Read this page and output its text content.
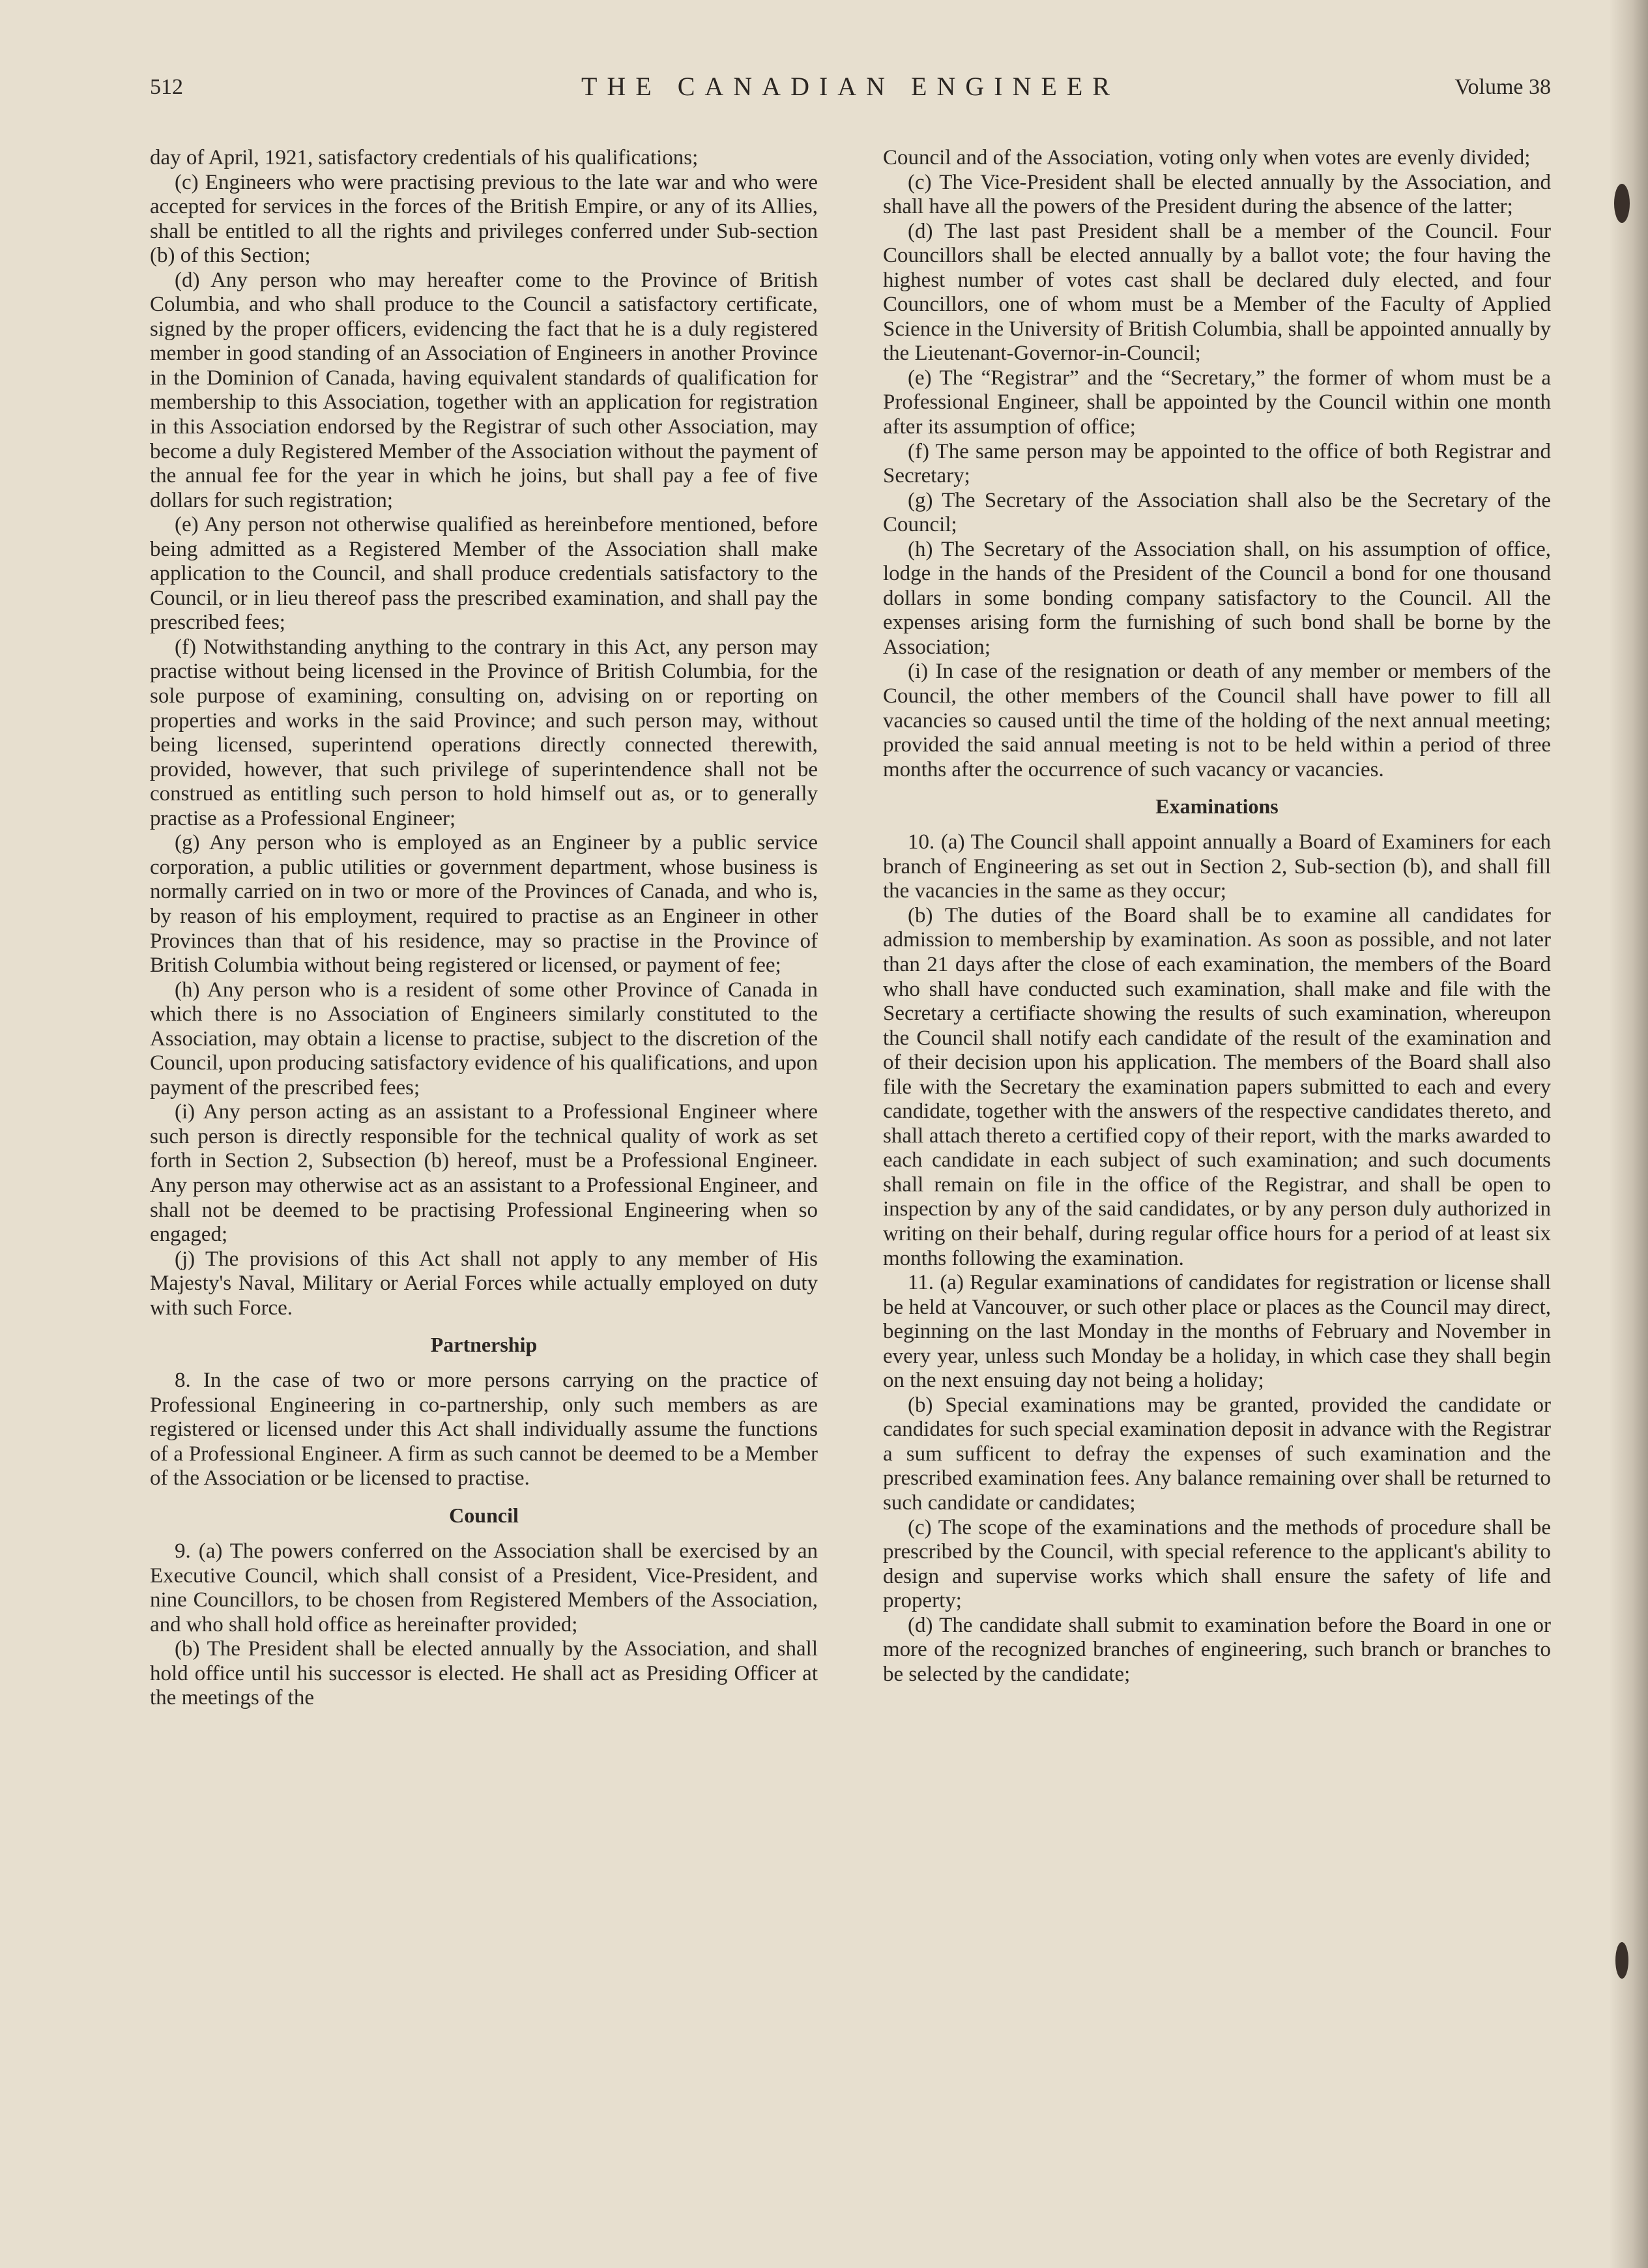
512	THE CANADIAN ENGINEER	Volume 38

day of April, 1921, satisfactory credentials of his qualifications;

(c) Engineers who were practising previous to the late war and who were accepted for services in the forces of the British Empire, or any of its Allies, shall be entitled to all the rights and privileges conferred under Sub-section (b) of this Section;

(d) Any person who may hereafter come to the Province of British Columbia, and who shall produce to the Council a satisfactory certificate, signed by the proper officers, evidencing the fact that he is a duly registered member in good standing of an Association of Engineers in another Province in the Dominion of Canada, having equivalent standards of qualification for membership to this Association, together with an application for registration in this Association endorsed by the Registrar of such other Association, may become a duly Registered Member of the Association without the payment of the annual fee for the year in which he joins, but shall pay a fee of five dollars for such registration;

(e) Any person not otherwise qualified as hereinbefore mentioned, before being admitted as a Registered Member of the Association shall make application to the Council, and shall produce credentials satisfactory to the Council, or in lieu thereof pass the prescribed examination, and shall pay the prescribed fees;

(f) Notwithstanding anything to the contrary in this Act, any person may practise without being licensed in the Province of British Columbia, for the sole purpose of examining, consulting on, advising on or reporting on properties and works in the said Province; and such person may, without being licensed, superintend operations directly connected therewith, provided, however, that such privilege of superintendence shall not be construed as entitling such person to hold himself out as, or to generally practise as a Professional Engineer;

(g) Any person who is employed as an Engineer by a public service corporation, a public utilities or government department, whose business is normally carried on in two or more of the Provinces of Canada, and who is, by reason of his employment, required to practise as an Engineer in other Provinces than that of his residence, may so practise in the Province of British Columbia without being registered or licensed, or payment of fee;

(h) Any person who is a resident of some other Province of Canada in which there is no Association of Engineers similarly constituted to the Association, may obtain a license to practise, subject to the discretion of the Council, upon producing satisfactory evidence of his qualifications, and upon payment of the prescribed fees;

(i) Any person acting as an assistant to a Professional Engineer where such person is directly responsible for the technical quality of work as set forth in Section 2, Subsection (b) hereof, must be a Professional Engineer. Any person may otherwise act as an assistant to a Professional Engineer, and shall not be deemed to be practising Professional Engineering when so engaged;

(j) The provisions of this Act shall not apply to any member of His Majesty's Naval, Military or Aerial Forces while actually employed on duty with such Force.

Partnership

8. In the case of two or more persons carrying on the practice of Professional Engineering in co-partnership, only such members as are registered or licensed under this Act shall individually assume the functions of a Professional Engineer. A firm as such cannot be deemed to be a Member of the Association or be licensed to practise.

Council

9. (a) The powers conferred on the Association shall be exercised by an Executive Council, which shall consist of a President, Vice-President, and nine Councillors, to be chosen from Registered Members of the Association, and who shall hold office as hereinafter provided;

(b) The President shall be elected annually by the Association, and shall hold office until his successor is elected. He shall act as Presiding Officer at the meetings of the

Council and of the Association, voting only when votes are evenly divided;

(c) The Vice-President shall be elected annually by the Association, and shall have all the powers of the President during the absence of the latter;

(d) The last past President shall be a member of the Council. Four Councillors shall be elected annually by a ballot vote; the four having the highest number of votes cast shall be declared duly elected, and four Councillors, one of whom must be a Member of the Faculty of Applied Science in the University of British Columbia, shall be appointed annually by the Lieutenant-Governor-in-Council;

(e) The “Registrar” and the “Secretary,” the former of whom must be a Professional Engineer, shall be appointed by the Council within one month after its assumption of office;

(f) The same person may be appointed to the office of both Registrar and Secretary;

(g) The Secretary of the Association shall also be the Secretary of the Council;

(h) The Secretary of the Association shall, on his assumption of office, lodge in the hands of the President of the Council a bond for one thousand dollars in some bonding company satisfactory to the Council. All the expenses arising form the furnishing of such bond shall be borne by the Association;

(i) In case of the resignation or death of any member or members of the Council, the other members of the Council shall have power to fill all vacancies so caused until the time of the holding of the next annual meeting; provided the said annual meeting is not to be held within a period of three months after the occurrence of such vacancy or vacancies.

Examinations

10. (a) The Council shall appoint annually a Board of Examiners for each branch of Engineering as set out in Section 2, Sub-section (b), and shall fill the vacancies in the same as they occur;

(b) The duties of the Board shall be to examine all candidates for admission to membership by examination. As soon as possible, and not later than 21 days after the close of each examination, the members of the Board who shall have conducted such examination, shall make and file with the Secretary a certifiacte showing the results of such examination, whereupon the Council shall notify each candidate of the result of the examination and of their decision upon his application. The members of the Board shall also file with the Secretary the examination papers submitted to each and every candidate, together with the answers of the respective candidates thereto, and shall attach thereto a certified copy of their report, with the marks awarded to each candidate in each subject of such examination; and such documents shall remain on file in the office of the Registrar, and shall be open to inspection by any of the said candidates, or by any person duly authorized in writing on their behalf, during regular office hours for a period of at least six months following the examination.

11. (a) Regular examinations of candidates for registration or license shall be held at Vancouver, or such other place or places as the Council may direct, beginning on the last Monday in the months of February and November in every year, unless such Monday be a holiday, in which case they shall begin on the next ensuing day not being a holiday;

(b) Special examinations may be granted, provided the candidate or candidates for such special examination deposit in advance with the Registrar a sum sufficent to defray the expenses of such examination and the prescribed examination fees. Any balance remaining over shall be returned to such candidate or candidates;

(c) The scope of the examinations and the methods of procedure shall be prescribed by the Council, with special reference to the applicant's ability to design and supervise works which shall ensure the safety of life and property;

(d) The candidate shall submit to examination before the Board in one or more of the recognized branches of engineering, such branch or branches to be selected by the candidate;
